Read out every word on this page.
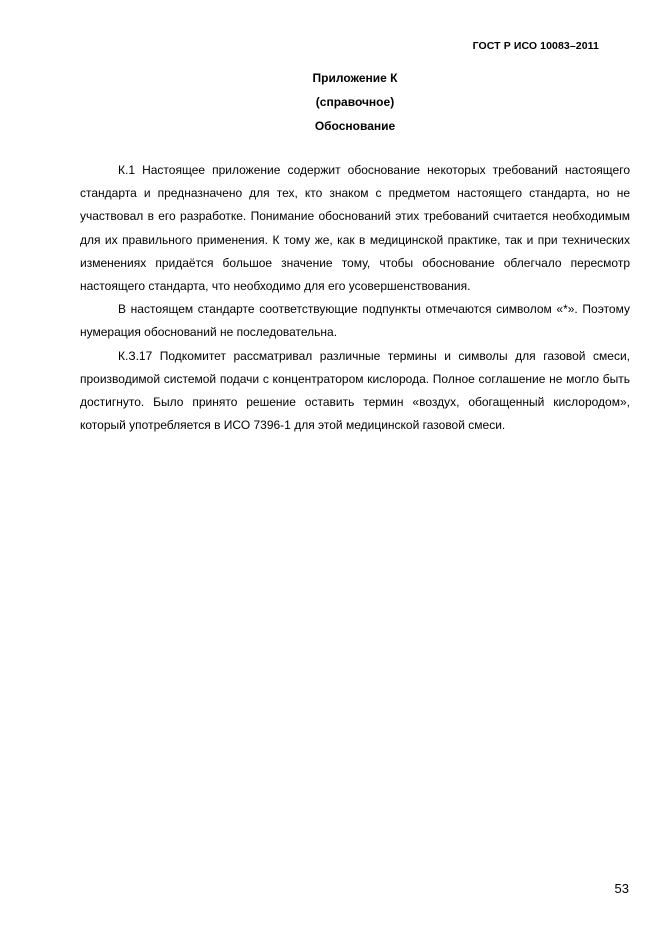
ГОСТ Р ИСО 10083–2011
Приложение К
(справочное)
Обоснование

К.1 Настоящее приложение содержит обоснование некоторых требований настоящего стандарта и предназначено для тех, кто знаком с предметом настоящего стандарта, но не участвовал в его разработке. Понимание обоснований этих требований считается необходимым для их правильного применения. К тому же, как в медицинской практике, так и при технических изменениях придаётся большое значение тому, чтобы обоснование облегчало пересмотр настоящего стандарта, что необходимо для его усовершенствования.

В настоящем стандарте соответствующие подпункты отмечаются символом «*». Поэтому нумерация обоснований не последовательна.

К.З.17 Подкомитет рассматривал различные термины и символы для газовой смеси, производимой системой подачи с концентратором кислорода. Полное соглашение не могло быть достигнуто. Было принято решение оставить термин «воздух, обогащенный кислородом», который употребляется в ИСО 7396-1 для этой медицинской газовой смеси.

53
